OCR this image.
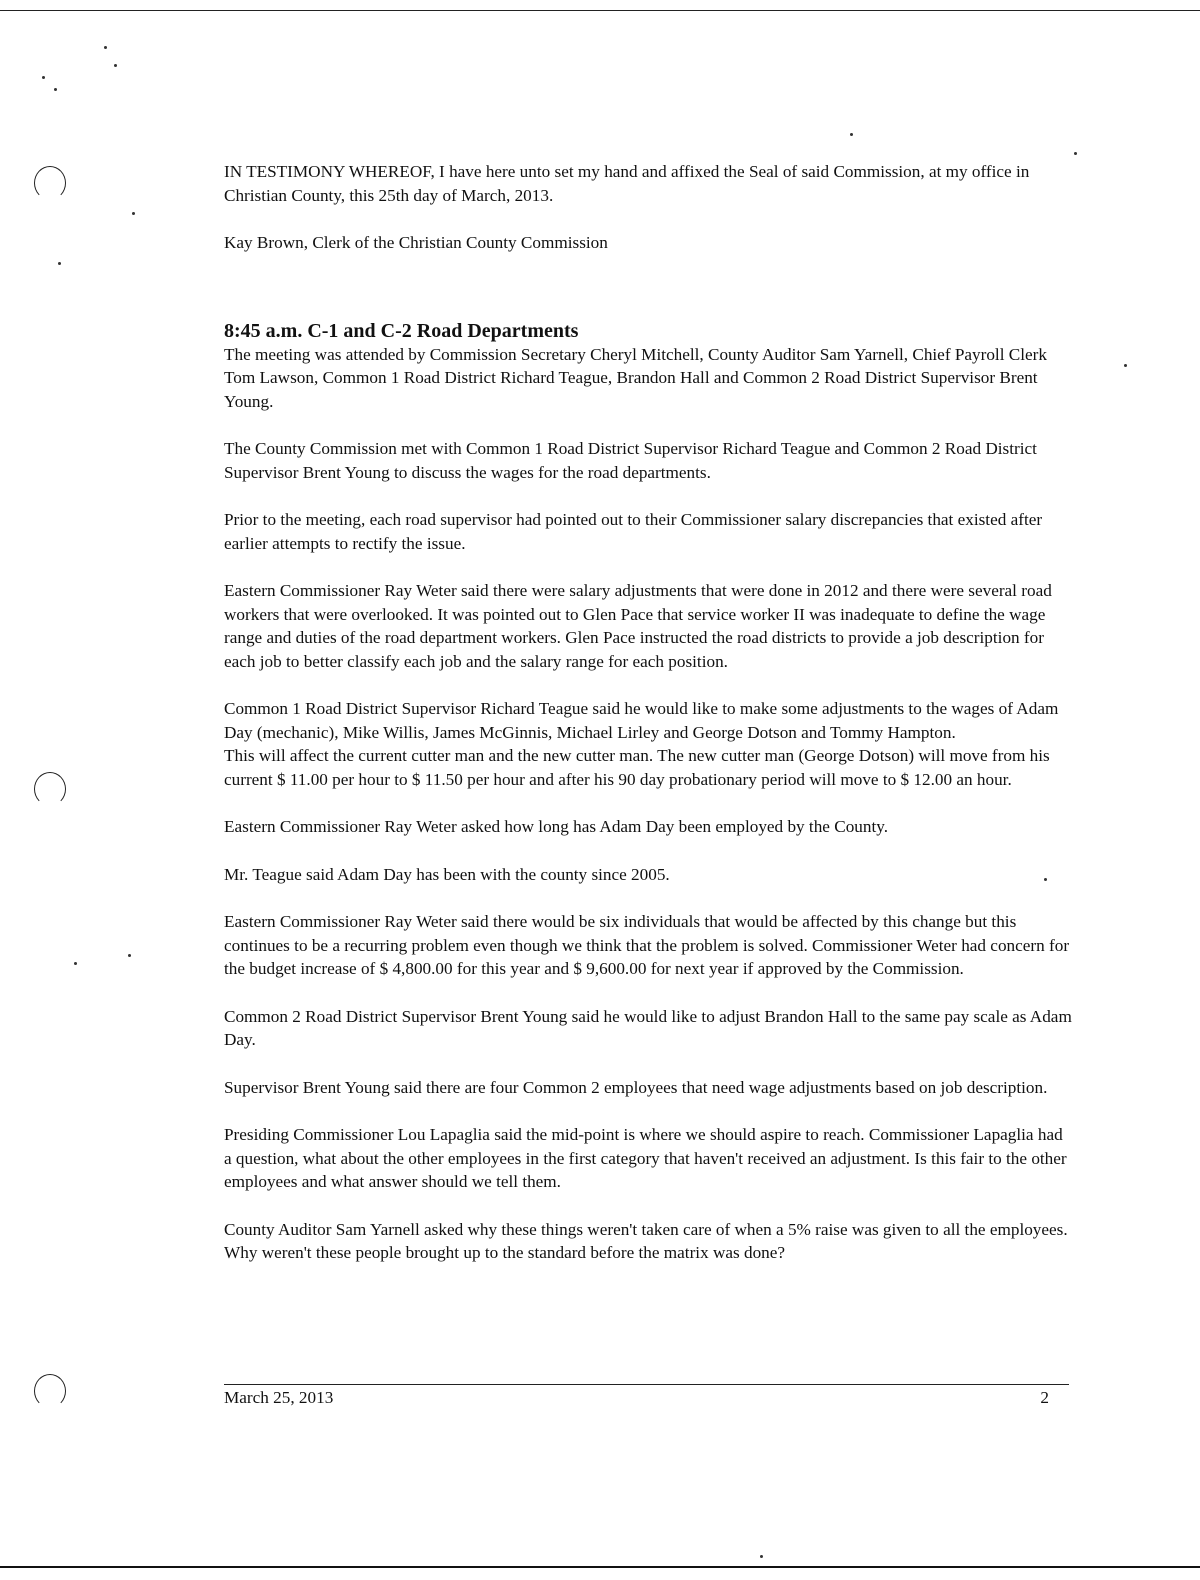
IN TESTIMONY WHEREOF, I have here unto set my hand and affixed the Seal of said Commission, at my office in Christian County, this 25th day of March, 2013.

Kay Brown, Clerk of the Christian County Commission

8:45 a.m. C-1 and C-2 Road Departments

The meeting was attended by Commission Secretary Cheryl Mitchell, County Auditor Sam Yarnell, Chief Payroll Clerk Tom Lawson, Common 1 Road District Richard Teague, Brandon Hall and Common 2 Road District Supervisor Brent Young.

The County Commission met with Common 1 Road District Supervisor Richard Teague and Common 2 Road District Supervisor Brent Young to discuss the wages for the road departments.

Prior to the meeting, each road supervisor had pointed out to their Commissioner salary discrepancies that existed after earlier attempts to rectify the issue.

Eastern Commissioner Ray Weter said there were salary adjustments that were done in 2012 and there were several road workers that were overlooked. It was pointed out to Glen Pace that service worker II was inadequate to define the wage range and duties of the road department workers. Glen Pace instructed the road districts to provide a job description for each job to better classify each job and the salary range for each position.

Common 1 Road District Supervisor Richard Teague said he would like to make some adjustments to the wages of Adam Day (mechanic), Mike Willis, James McGinnis, Michael Lirley and George Dotson and Tommy Hampton.

This will affect the current cutter man and the new cutter man. The new cutter man (George Dotson) will move from his current $ 11.00 per hour to $ 11.50 per hour and after his 90 day probationary period will move to $ 12.00 an hour.

Eastern Commissioner Ray Weter asked how long has Adam Day been employed by the County.

Mr. Teague said Adam Day has been with the county since 2005.

Eastern Commissioner Ray Weter said there would be six individuals that would be affected by this change but this continues to be a recurring problem even though we think that the problem is solved. Commissioner Weter had concern for the budget increase of $ 4,800.00 for this year and $ 9,600.00 for next year if approved by the Commission.

Common 2 Road District Supervisor Brent Young said he would like to adjust Brandon Hall to the same pay scale as Adam Day.

Supervisor Brent Young said there are four Common 2 employees that need wage adjustments based on job description.

Presiding Commissioner Lou Lapaglia said the mid-point is where we should aspire to reach. Commissioner Lapaglia had a question, what about the other employees in the first category that haven't received an adjustment. Is this fair to the other employees and what answer should we tell them.

County Auditor Sam Yarnell asked why these things weren't taken care of when a 5% raise was given to all the employees. Why weren't these people brought up to the standard before the matrix was done?

March 25, 2013	2
